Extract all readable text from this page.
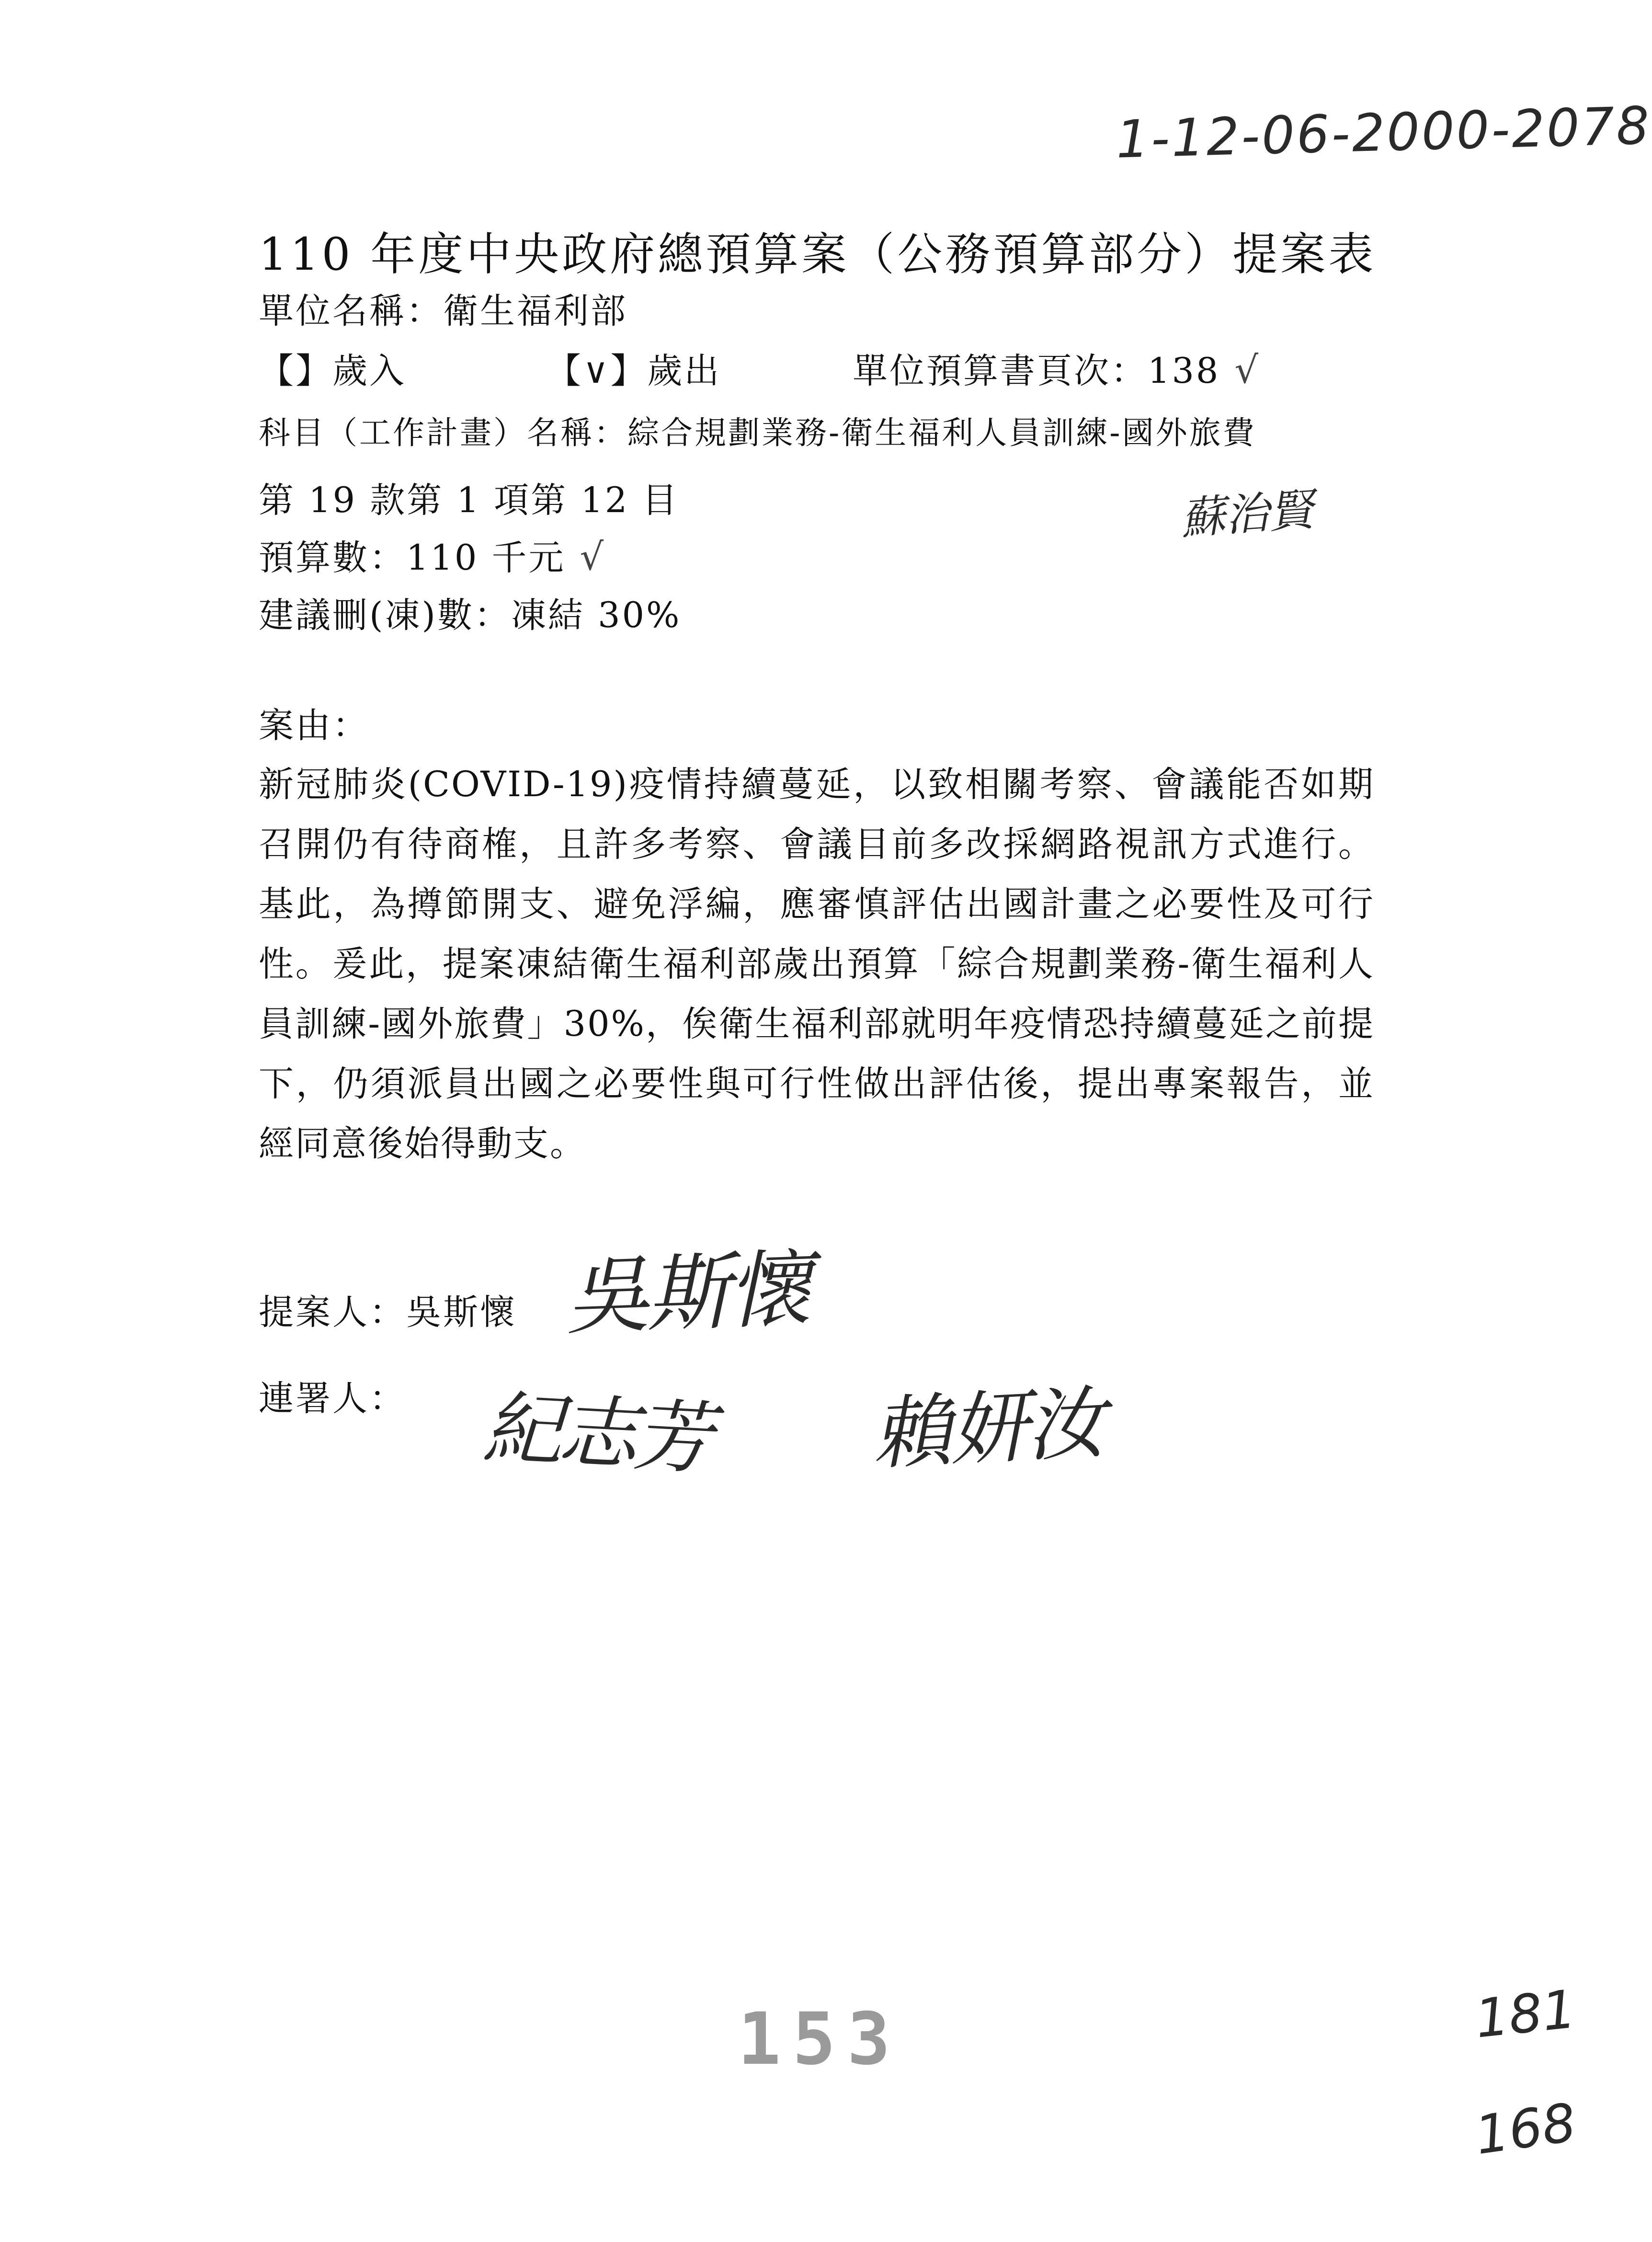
1-12-06-2000-2078
110 年度中央政府總預算案（公務預算部分）提案表
單位名稱：衛生福利部
【】歲入	【∨】歲出	單位預算書頁次：138 √
科目（工作計畫）名稱：綜合規劃業務-衛生福利人員訓練-國外旅費
第 19 款第 1 項第 12 目	蘇治賢
預算數：110 千元 √
建議刪(凍)數：凍結 30%
案由：
新冠肺炎(COVID-19)疫情持續蔓延，以致相關考察、會議能否如期召開仍有待商榷，且許多考察、會議目前多改採網路視訊方式進行。基此，為撙節開支、避免浮編，應審慎評估出國計畫之必要性及可行性。爰此，提案凍結衛生福利部歲出預算「綜合規劃業務-衛生福利人員訓練-國外旅費」30%，俟衛生福利部就明年疫情恐持續蔓延之前提下，仍須派員出國之必要性與可行性做出評估後，提出專案報告，並經同意後始得動支。
提案人：吳斯懷 吳斯懷
連署人： 紀志芳 賴妍汝
153	181
168
